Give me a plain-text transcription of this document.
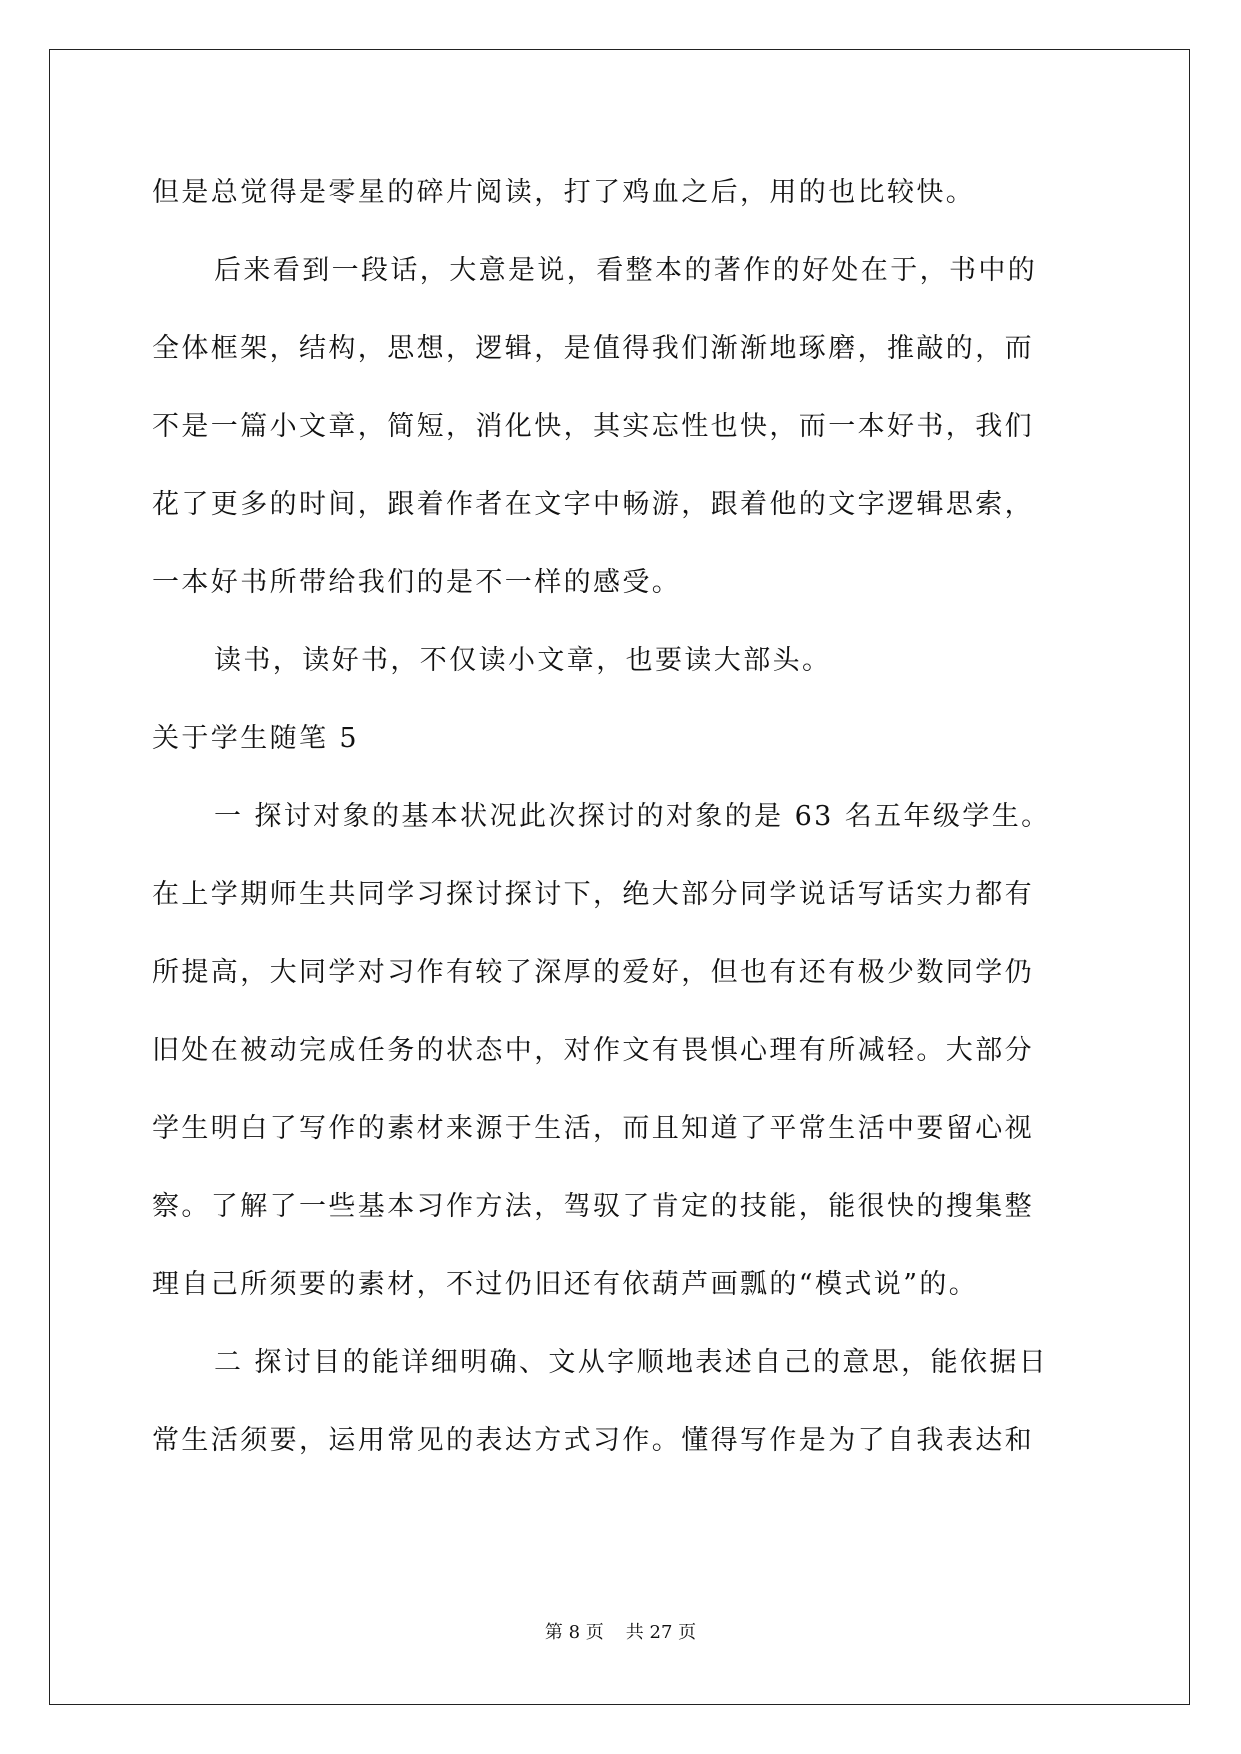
但是总觉得是零星的碎片阅读，打了鸡血之后，用的也比较快。
后来看到一段话，大意是说，看整本的著作的好处在于，书中的
全体框架，结构，思想，逻辑，是值得我们渐渐地琢磨，推敲的，而
不是一篇小文章，简短，消化快，其实忘性也快，而一本好书，我们
花了更多的时间，跟着作者在文字中畅游，跟着他的文字逻辑思索，
一本好书所带给我们的是不一样的感受。
读书，读好书，不仅读小文章，也要读大部头。
关于学生随笔 5
一 探讨对象的基本状况此次探讨的对象的是 63 名五年级学生。
在上学期师生共同学习探讨探讨下，绝大部分同学说话写话实力都有
所提高，大同学对习作有较了深厚的爱好，但也有还有极少数同学仍
旧处在被动完成任务的状态中，对作文有畏惧心理有所减轻。大部分
学生明白了写作的素材来源于生活，而且知道了平常生活中要留心视
察。了解了一些基本习作方法，驾驭了肯定的技能，能很快的搜集整
理自己所须要的素材，不过仍旧还有依葫芦画瓢的“模式说”的。
二 探讨目的能详细明确、文从字顺地表述自己的意思，能依据日
常生活须要，运用常见的表达方式习作。懂得写作是为了自我表达和
第 8 页 共 27 页
